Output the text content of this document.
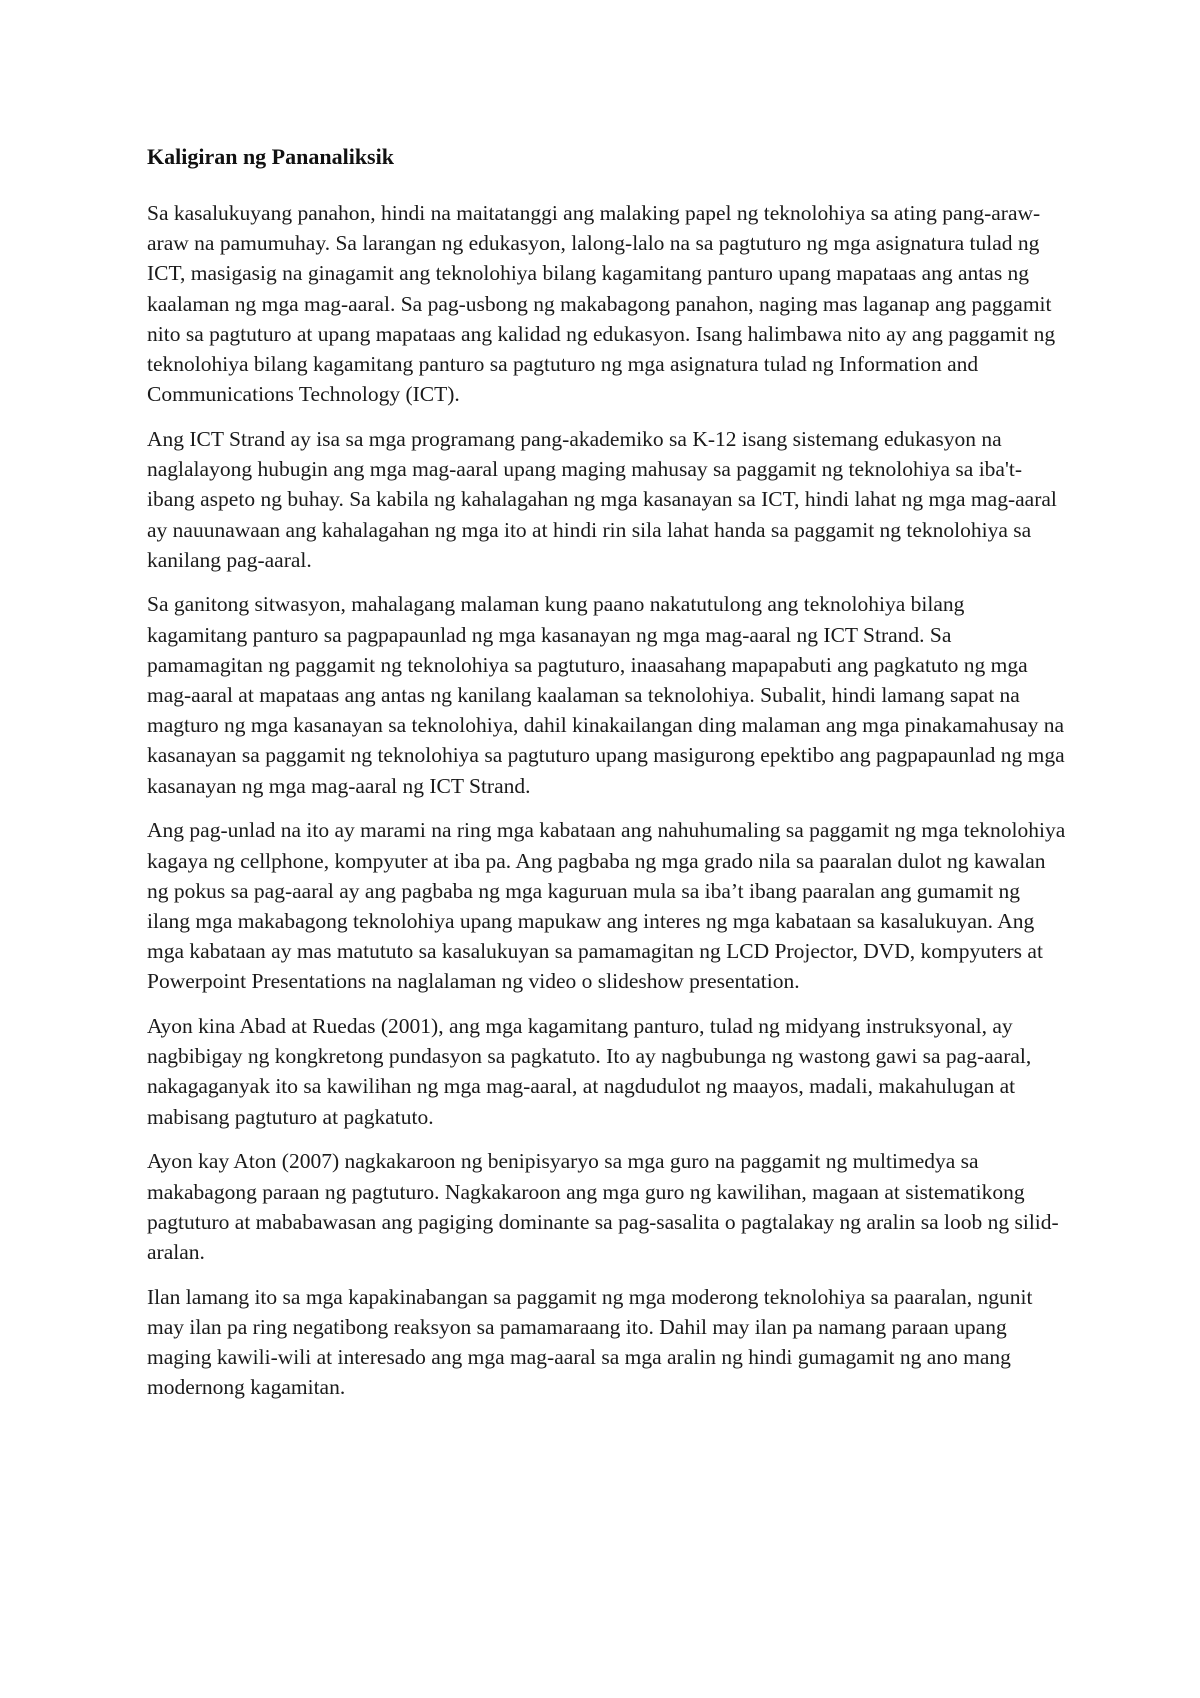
Kaligiran ng Pananaliksik

Sa kasalukuyang panahon, hindi na maitatanggi ang malaking papel ng teknolohiya sa ating pang-araw-araw na pamumuhay. Sa larangan ng edukasyon, lalong-lalo na sa pagtuturo ng mga asignatura tulad ng ICT, masigasig na ginagamit ang teknolohiya bilang kagamitang panturo upang mapataas ang antas ng kaalaman ng mga mag-aaral. Sa pag-usbong ng makabagong panahon, naging mas laganap ang paggamit nito sa pagtuturo at upang mapataas ang kalidad ng edukasyon. Isang halimbawa nito ay ang paggamit ng teknolohiya bilang kagamitang panturo sa pagtuturo ng mga asignatura tulad ng Information and Communications Technology (ICT).

Ang ICT Strand ay isa sa mga programang pang-akademiko sa K-12 isang sistemang edukasyon na naglalayong hubugin ang mga mag-aaral upang maging mahusay sa paggamit ng teknolohiya sa iba't-ibang aspeto ng buhay. Sa kabila ng kahalagahan ng mga kasanayan sa ICT, hindi lahat ng mga mag-aaral ay nauunawaan ang kahalagahan ng mga ito at hindi rin sila lahat handa sa paggamit ng teknolohiya sa kanilang pag-aaral.

Sa ganitong sitwasyon, mahalagang malaman kung paano nakatutulong ang teknolohiya bilang kagamitang panturo sa pagpapaunlad ng mga kasanayan ng mga mag-aaral ng ICT Strand. Sa pamamagitan ng paggamit ng teknolohiya sa pagtuturo, inaasahang mapapabuti ang pagkatuto ng mga mag-aaral at mapataas ang antas ng kanilang kaalaman sa teknolohiya. Subalit, hindi lamang sapat na magturo ng mga kasanayan sa teknolohiya, dahil kinakailangan ding malaman ang mga pinakamahusay na kasanayan sa paggamit ng teknolohiya sa pagtuturo upang masigurong epektibo ang pagpapaunlad ng mga kasanayan ng mga mag-aaral ng ICT Strand.

Ang pag-unlad na ito ay marami na ring mga kabataan ang nahuhumaling sa paggamit ng mga teknolohiya kagaya ng cellphone, kompyuter at iba pa. Ang pagbaba ng mga grado nila sa paaralan dulot ng kawalan ng pokus sa pag-aaral ay ang pagbaba ng mga kaguruan mula sa iba’t ibang paaralan ang gumamit ng ilang mga makabagong teknolohiya upang mapukaw ang interes ng mga kabataan sa kasalukuyan. Ang mga kabataan ay mas matututo sa kasalukuyan sa pamamagitan ng LCD Projector, DVD, kompyuters at Powerpoint Presentations na naglalaman ng video o slideshow presentation.

Ayon kina Abad at Ruedas (2001), ang mga kagamitang panturo, tulad ng midyang instruksyonal, ay nagbibigay ng kongkretong pundasyon sa pagkatuto. Ito ay nagbubunga ng wastong gawi sa pag-aaral, nakagaganyak ito sa kawilihan ng mga mag-aaral, at nagdudulot ng maayos, madali, makahulugan at mabisang pagtuturo at pagkatuto.

Ayon kay Aton (2007) nagkakaroon ng benipisyaryo sa mga guro na paggamit ng multimedya sa makabagong paraan ng pagtuturo. Nagkakaroon ang mga guro ng kawilihan, magaan at sistematikong pagtuturo at mababawasan ang pagiging dominante sa pag-sasalita o pagtalakay ng aralin sa loob ng silid-aralan.

Ilan lamang ito sa mga kapakinabangan sa paggamit ng mga moderong teknolohiya sa paaralan, ngunit may ilan pa ring negatibong reaksyon sa pamamaraang ito. Dahil may ilan pa namang paraan upang maging kawili-wili at interesado ang mga mag-aaral sa mga aralin ng hindi gumagamit ng ano mang modernong kagamitan.
